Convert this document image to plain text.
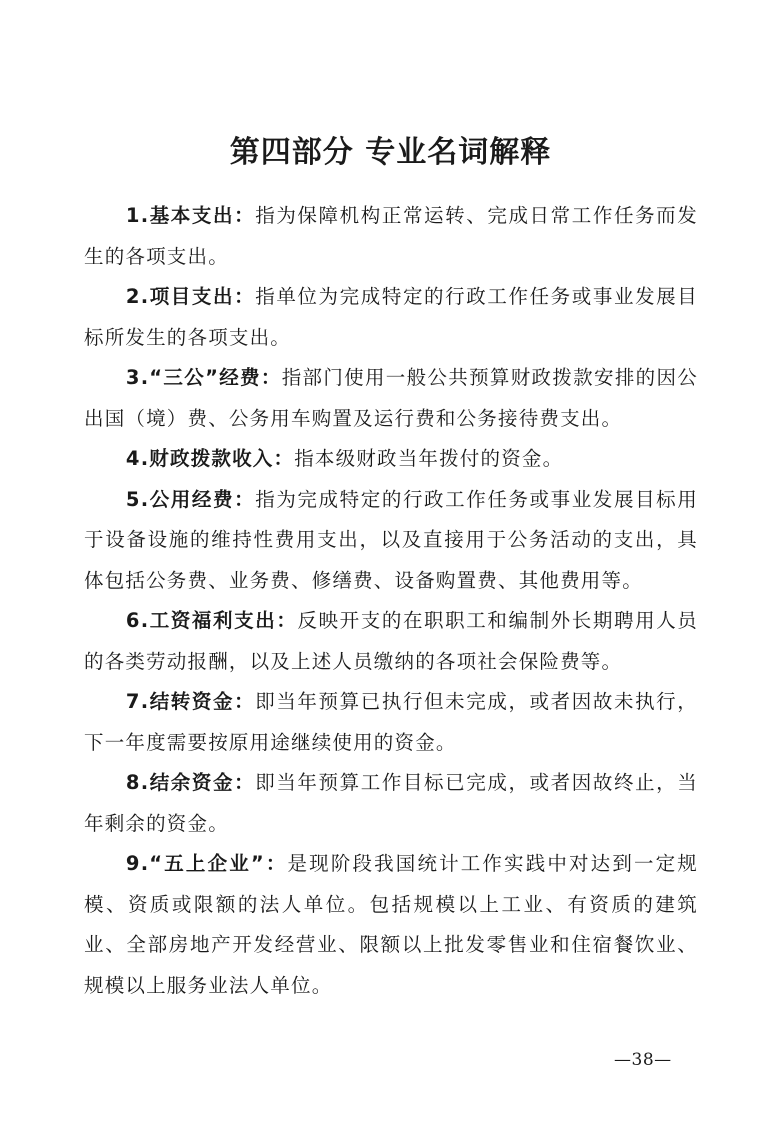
第四部分 专业名词解释

1.基本支出：指为保障机构正常运转、完成日常工作任务而发生的各项支出。

2.项目支出：指单位为完成特定的行政工作任务或事业发展目标所发生的各项支出。

3.“三公”经费：指部门使用一般公共预算财政拨款安排的因公出国（境）费、公务用车购置及运行费和公务接待费支出。

4.财政拨款收入：指本级财政当年拨付的资金。

5.公用经费：指为完成特定的行政工作任务或事业发展目标用于设备设施的维持性费用支出，以及直接用于公务活动的支出，具体包括公务费、业务费、修缮费、设备购置费、其他费用等。

6.工资福利支出：反映开支的在职职工和编制外长期聘用人员的各类劳动报酬，以及上述人员缴纳的各项社会保险费等。

7.结转资金：即当年预算已执行但未完成，或者因故未执行，下一年度需要按原用途继续使用的资金。

8.结余资金：即当年预算工作目标已完成，或者因故终止，当年剩余的资金。

9.“五上企业”：是现阶段我国统计工作实践中对达到一定规模、资质或限额的法人单位。包括规模以上工业、有资质的建筑业、全部房地产开发经营业、限额以上批发零售业和住宿餐饮业、规模以上服务业法人单位。

—38—
